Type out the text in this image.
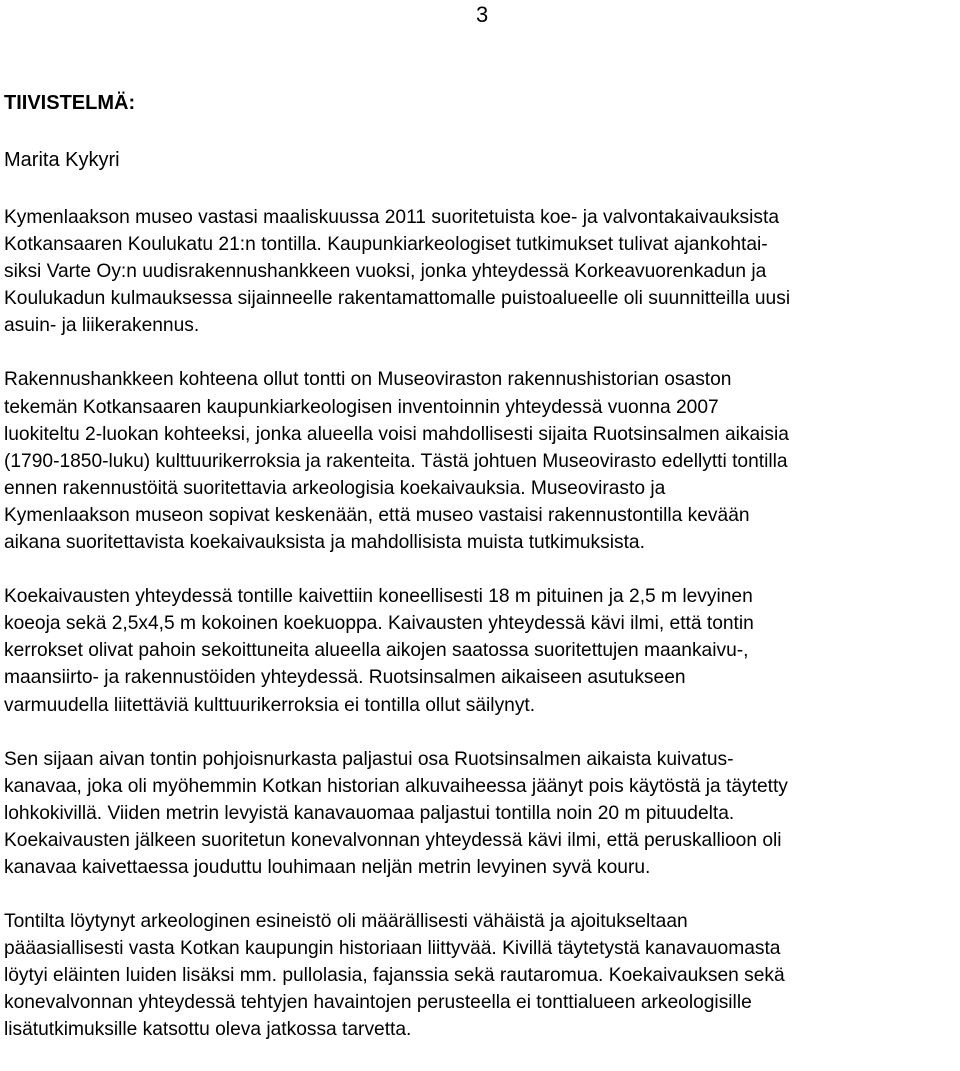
3
TIIVISTELMÄ:
Marita Kykyri
Kymenlaakson museo vastasi maaliskuussa 2011 suoritetuista koe- ja valvontakaivauksista
Kotkansaaren Koulukatu 21:n tontilla. Kaupunkiarkeologiset tutkimukset tulivat ajankohtai-
siksi Varte Oy:n uudisrakennushankkeen vuoksi, jonka yhteydessä Korkeavuorenkadun ja
Koulukadun kulmauksessa sijainneelle rakentamattomalle puistoalueelle oli suunnitteilla uusi
asuin- ja liikerakennus.
Rakennushankkeen kohteena ollut tontti on Museoviraston rakennushistorian osaston
tekemän Kotkansaaren kaupunkiarkeologisen inventoinnin yhteydessä vuonna 2007
luokiteltu 2-luokan kohteeksi, jonka alueella voisi mahdollisesti sijaita Ruotsinsalmen aikaisia
(1790-1850-luku) kulttuurikerroksia ja rakenteita. Tästä johtuen Museovirasto edellytti tontilla
ennen rakennustöitä suoritettavia arkeologisia koekaivauksia. Museovirasto ja
Kymenlaakson museon sopivat keskenään, että museo vastaisi rakennustontilla kevään
aikana suoritettavista koekaivauksista ja mahdollisista muista tutkimuksista.
Koekaivausten yhteydessä tontille kaivettiin koneellisesti 18 m pituinen ja 2,5 m levyinen
koeoja sekä 2,5x4,5 m kokoinen koekuoppa. Kaivausten yhteydessä kävi ilmi, että tontin
kerrokset olivat pahoin sekoittuneita alueella aikojen saatossa suoritettujen maankaivu-,
maansiirto- ja rakennustöiden yhteydessä. Ruotsinsalmen aikaiseen asutukseen
varmuudella liitettäviä kulttuurikerroksia ei tontilla ollut säilynyt.
Sen sijaan aivan tontin pohjoisnurkasta paljastui osa Ruotsinsalmen aikaista kuivatus-
kanavaa, joka oli myöhemmin Kotkan historian alkuvaiheessa jäänyt pois käytöstä ja täytetty
lohkokivillä. Viiden metrin levyistä kanavauomaa paljastui tontilla noin 20 m pituudelta.
Koekaivausten jälkeen suoritetun konevalvonnan yhteydessä kävi ilmi, että peruskallioon oli
kanavaa kaivettaessa jouduttu louhimaan neljän metrin levyinen syvä kouru.
Tontilta löytynyt arkeologinen esineistö oli määrällisesti vähäistä ja ajoitukseltaan
pääasiallisesti vasta Kotkan kaupungin historiaan liittyvää. Kivillä täytetystä kanavauomasta
löytyi eläinten luiden lisäksi mm. pullolasia, fajanssia sekä rautaromua. Koekaivauksen sekä
konevalvonnan yhteydessä tehtyjen havaintojen perusteella ei tonttialueen arkeologisille
lisätutkimuksille katsottu oleva jatkossa tarvetta.
